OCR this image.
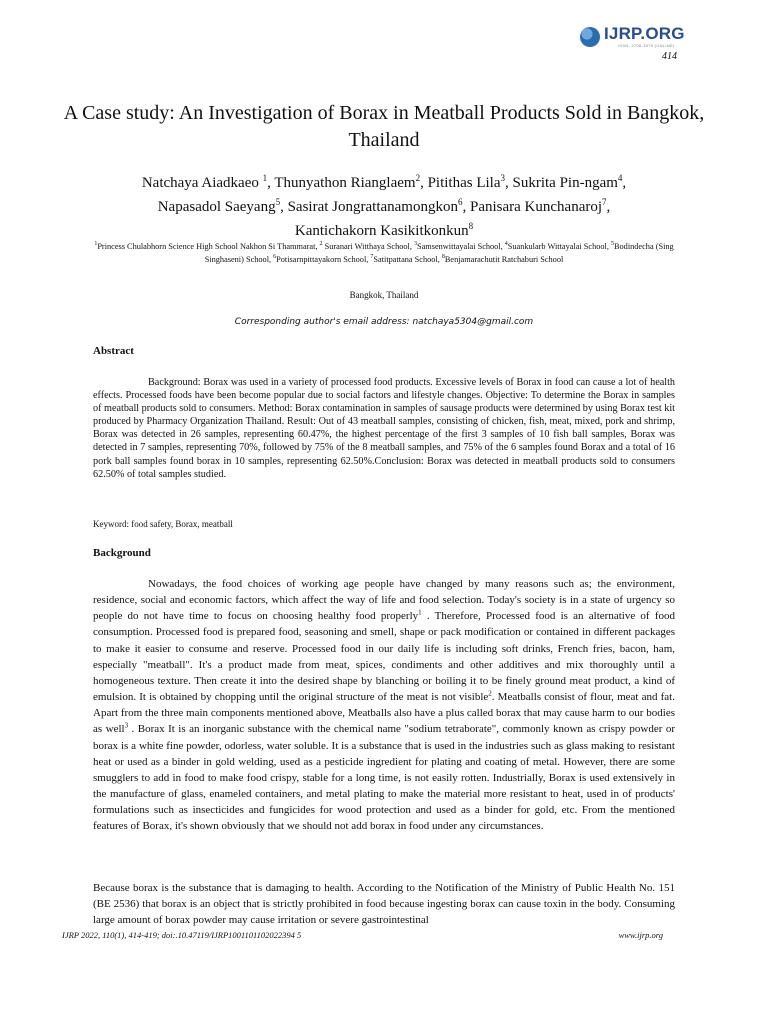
IJRP.ORG
ISSN: 2708-3578 (ONLINE)
414
A Case study: An Investigation of Borax in Meatball Products Sold in Bangkok, Thailand
Natchaya Aiadkaeo $^1$, Thunyathon Rianglaem$^2$, Pitithas Lila$^3$, Sukrita Pin-ngam$^4$, Napasadol Saeyang$^5$, Sasirat Jongrattanamongkon$^6$, Panisara Kunchanaroj$^7$, Kantichakorn Kasikitkonkun$^8$
$^1$Princess Chulabhorn Science High School Nakhon Si Thammarat, $^2$ Suranari Witthaya School, $^3$Samsenwittayalai School, $^4$Suankularb Wittayalai School, $^5$Bodindecha (Sing Singhaseni) School, $^6$Potisarnpittayakorn School, $^7$Satitpattana School, $^8$Benjamarachutit Ratchaburi School
Bangkok, Thailand
Corresponding author's email address: natchaya5304@gmail.com
Abstract

Background: Borax was used in a variety of processed food products. Excessive levels of Borax in food can cause a lot of health effects. Processed foods have been become popular due to social factors and lifestyle changes. Objective: To determine the Borax in samples of meatball products sold to consumers. Method: Borax contamination in samples of sausage products were determined by using Borax test kit produced by Pharmacy Organization Thailand. Result: Out of 43 meatball samples, consisting of chicken, fish, meat, mixed, pork and shrimp, Borax was detected in 26 samples, representing 60.47%, the highest percentage of the first 3 samples of 10 fish ball samples, Borax was detected in 7 samples, representing 70%, followed by 75% of the 8 meatball samples, and 75% of the 6 samples found Borax and a total of 16 pork ball samples found borax in 10 samples, representing 62.50%.Conclusion: Borax was detected in meatball products sold to consumers 62.50% of total samples studied.

Keyword: food safety, Borax, meatball
Background

Nowadays, the food choices of working age people have changed by many reasons such as; the environment, residence, social and economic factors, which affect the way of life and food selection. Today's society is in a state of urgency so people do not have time to focus on choosing healthy food properly$^1$ . Therefore, Processed food is an alternative of food consumption. Processed food is prepared food, seasoning and smell, shape or pack modification or contained in different packages to make it easier to consume and reserve. Processed food in our daily life is including soft drinks, French fries, bacon, ham, especially "meatball". It's a product made from meat, spices, condiments and other additives and mix thoroughly until a homogeneous texture. Then create it into the desired shape by blanching or boiling it to be finely ground meat product, a kind of emulsion. It is obtained by chopping until the original structure of the meat is not visible$^2$. Meatballs consist of flour, meat and fat. Apart from the three main components mentioned above, Meatballs also have a plus called borax that may cause harm to our bodies as well$^3$ . Borax It is an inorganic substance with the chemical name "sodium tetraborate", commonly known as crispy powder or borax is a white fine powder, odorless, water soluble. It is a substance that is used in the industries such as glass making to resistant heat or used as a binder in gold welding, used as a pesticide ingredient for plating and coating of metal. However, there are some smugglers to add in food to make food crispy, stable for a long time, is not easily rotten. Industrially, Borax is used extensively in the manufacture of glass, enameled containers, and metal plating to make the material more resistant to heat, used in of products' formulations such as insecticides and fungicides for wood protection and used as a binder for gold, etc. From the mentioned features of Borax, it's shown obviously that we should not add borax in food under any circumstances.

Because borax is the substance that is damaging to health. According to the Notification of the Ministry of Public Health No. 151 (BE 2536) that borax is an object that is strictly prohibited in food because ingesting borax can cause toxin in the body. Consuming large amount of borax powder may cause irritation or severe gastrointestinal

IJRP 2022, 110(1), 414-419; doi:.10.47119/IJRP1001101102022394 5	www.ijrp.org
